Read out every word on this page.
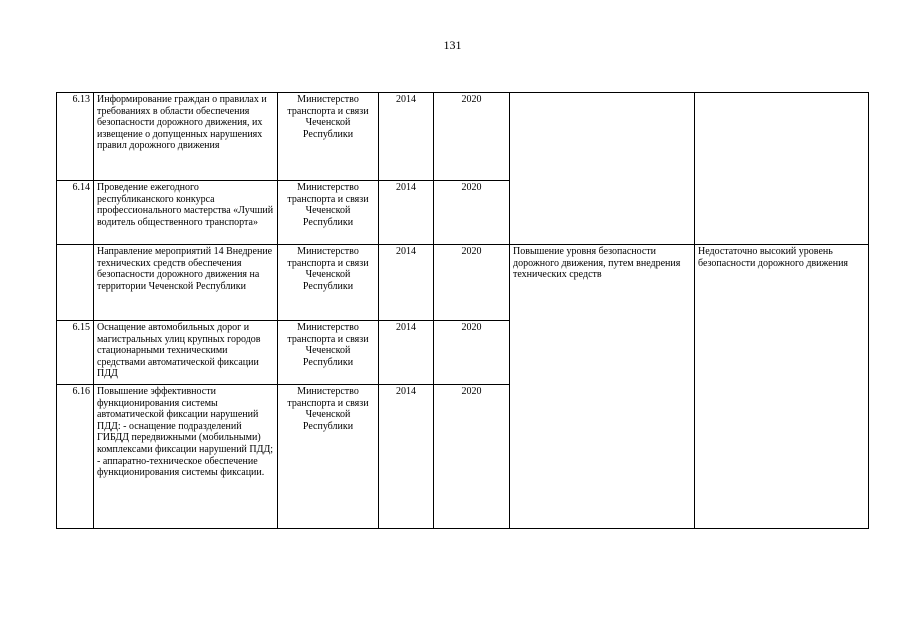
131
6.13	Информирование граждан о правилах и требованиях в области обеспечения безопасности дорожного движения, их извещение о допущенных нарушениях правил дорожного движения	Министерство транспорта и связи Чеченской Республики	2014	2020		
6.14	Проведение ежегодного республиканского конкурса профессионального мастерства «Лучший водитель общественного транспорта»	Министерство транспорта и связи Чеченской Республики	2014	2020		
	Направление мероприятий 14 Внедрение технических средств обеспечения безопасности дорожного движения на территории Чеченской Республики	Министерство транспорта и связи Чеченской Республики	2014	2020	Повышение уровня безопасности дорожного движения, путем внедрения технических средств	Недостаточно высокий уровень безопасности дорожного движения
6.15	Оснащение автомобильных дорог и магистральных улиц крупных городов стационарными техническими средствами автоматической фиксации ПДД	Министерство транспорта и связи Чеченской Республики	2014	2020		
6.16	Повышение эффективности функционирования системы автоматической фиксации нарушений ПДД: - оснащение подразделений ГИБДД передвижными (мобильными) комплексами фиксации нарушений ПДД; - аппаратно-техническое обеспечение функционирования системы фиксации.	Министерство транспорта и связи Чеченской Республики	2014	2020		
